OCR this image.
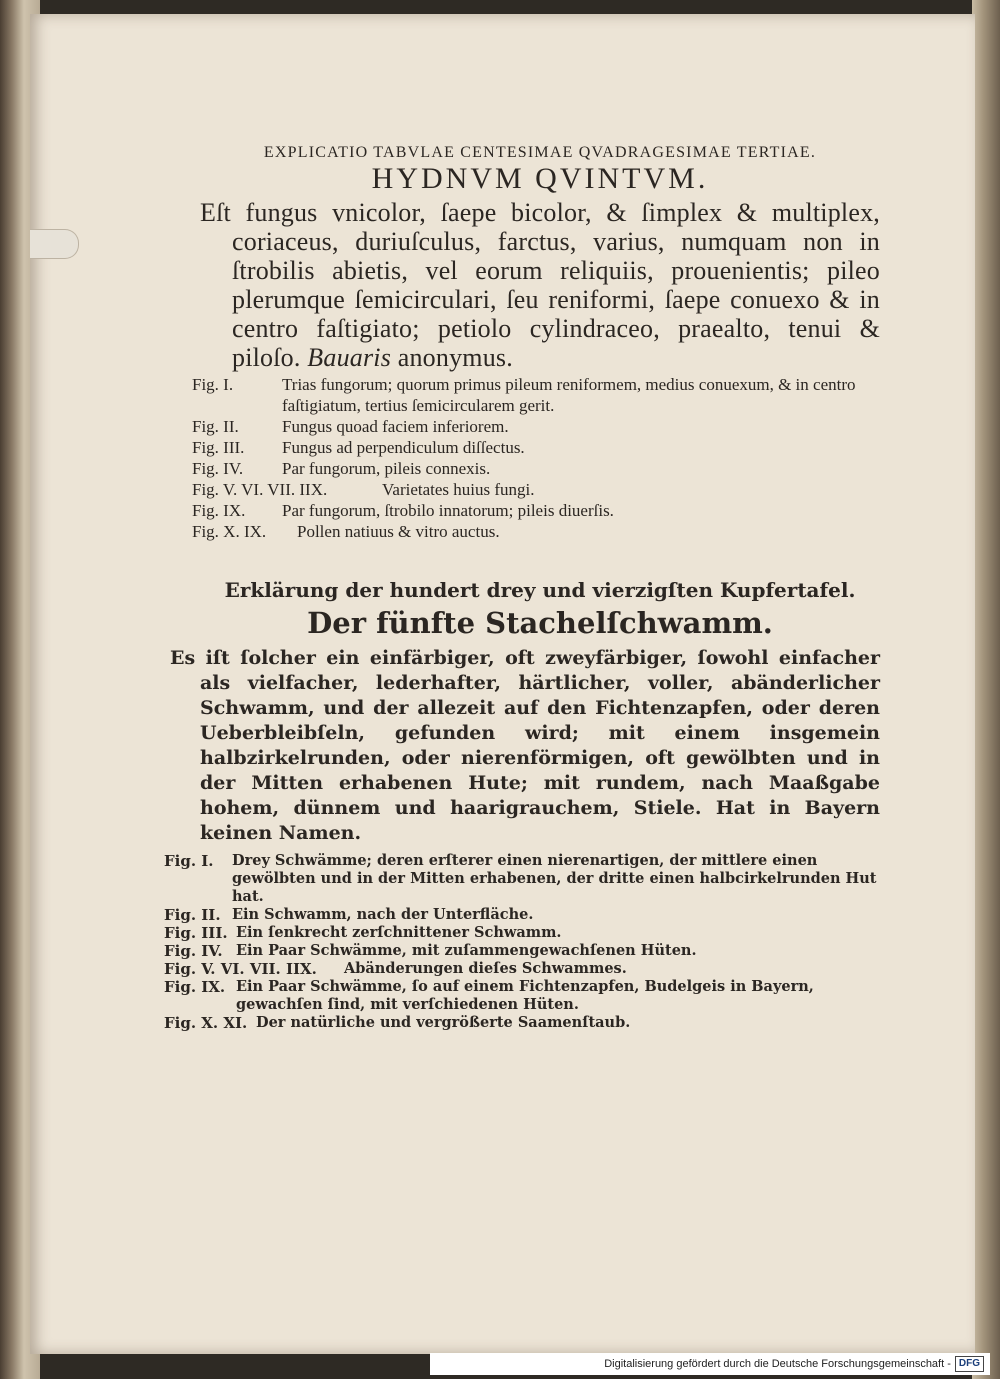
EXPLICATIO TABVLAE CENTESIMAE QVADRAGESIMAE TERTIAE.

HYDNVM QVINTVM.

Eſt fungus vnicolor, ſaepe bicolor, & ſimplex & multiplex, coriaceus, duriuſculus, farctus, varius, numquam non in ſtrobilis abietis, vel eorum reliquiis, prouenientis; pileo plerumque ſemicirculari, ſeu reniformi, ſaepe conuexo & in centro faſtigiato; petiolo cylindraceo, praealto, tenui & piloſo. Bauaris anonymus.

Fig. I.	Trias fungorum; quorum primus pileum reniformem, medius conuexum, & in centro faſtigiatum, tertius ſemicircularem gerit.
Fig. II.	Fungus quoad faciem inferiorem.
Fig. III. Fungus ad perpendiculum diſſectus.
Fig. IV. Par fungorum, pileis connexis.
Fig. V. VI. VII. IIX.	Varietates huius fungi.
Fig. IX. Par fungorum, ſtrobilo innatorum; pileis diuerſis.
Fig. X. IX. Pollen natiuus & vitro auctus.

Erklärung der hundert drey und vierzigſten Kupfertafel.

Der fünfte Stachelſchwamm.

Es iſt ſolcher ein einfärbiger, oft zweyfärbiger, ſowohl einfacher als vielfacher, lederhafter, härtlicher, voller, abänderlicher Schwamm, und der allezeit auf den Fichtenzapfen, oder deren Ueberbleibſeln, gefunden wird; mit einem insgemein halbzirkelrunden, oder nierenförmigen, oft gewölbten und in der Mitten erhabenen Hute; mit rundem, nach Maaßgabe hohem, dünnem und haarigrauchem, Stiele. Hat in Bayern keinen Namen.

Fig. I. Drey Schwämme; deren erſterer einen nierenartigen, der mittlere einen gewölbten und in der Mitten erhabenen, der dritte einen halbcirkelrunden Hut hat.
Fig. II. Ein Schwamm, nach der Unterfläche.
Fig. III. Ein ſenkrecht zerſchnittener Schwamm.
Fig. IV. Ein Paar Schwämme, mit zuſammengewachſenen Hüten.
Fig. V. VI. VII. IIX. Abänderungen dieſes Schwammes.
Fig. IX. Ein Paar Schwämme, ſo auf einem Fichtenzapfen, Budelgeis in Bayern, gewachſen ſind, mit verſchiedenen Hüten.
Fig. X. XI. Der natürliche und vergrößerte Saamenſtaub.
Digitalisierung gefördert durch die Deutsche Forschungsgemeinschaft - DFG
